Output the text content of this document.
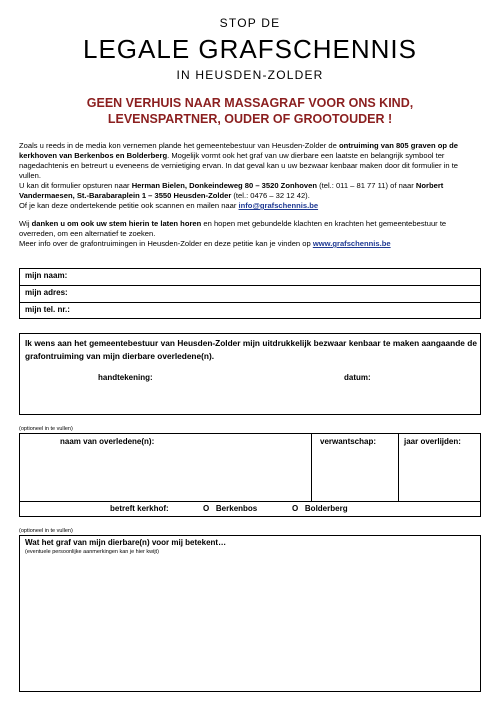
STOP DE
LEGALE GRAFSCHENNIS
IN HEUSDEN-ZOLDER
GEEN VERHUIS NAAR MASSAGRAF VOOR ONS KIND,
LEVENSPARTNER, OUDER OF GROOTOUDER !

Zoals u reeds in de media kon vernemen plande het gemeentebestuur van Heusden-Zolder de ontruiming van 805 graven op de kerkhoven van Berkenbos en Bolderberg. Mogelijk vormt ook het graf van uw dierbare een laatste en belangrijk symbool ter nagedachtenis en betreurt u eveneens de vernietiging ervan. In dat geval kan u uw bezwaar kenbaar maken door dit formulier in te vullen.

U kan dit formulier opsturen naar Herman Bielen, Donkeindeweg 80 – 3520 Zonhoven (tel.: 011 – 81 77 11) of naar Norbert Vandermaesen, St.-Barabaraplein 1 – 3550 Heusden-Zolder (tel.: 0476 – 32 12 42).

Of je kan deze ondertekende petitie ook scannen en mailen naar info@grafschennis.be

Wij danken u om ook uw stem hierin te laten horen en hopen met gebundelde klachten en krachten het gemeentebestuur te overreden, om een alternatief te zoeken.

Meer info over de grafontruimingen in Heusden-Zolder en deze petitie kan je vinden op www.grafschennis.be

mijn naam:
mijn adres:
mijn tel. nr.:
Ik wens aan het gemeentebestuur van Heusden-Zolder mijn uitdrukkelijk bezwaar kenbaar te maken aangaande de grafontruiming van mijn dierbare overledene(n).
handtekening:	datum:
(optioneel in te vullen)
naam van overledene(n):	verwantschap:	jaar overlijden:
betreft kerkhof:	O Berkenbos	O Bolderberg
(optioneel in te vullen)
Wat het graf van mijn dierbare(n) voor mij betekent…
(eventuele persoonlijke aanmerkingen kan je hier kwijt)
